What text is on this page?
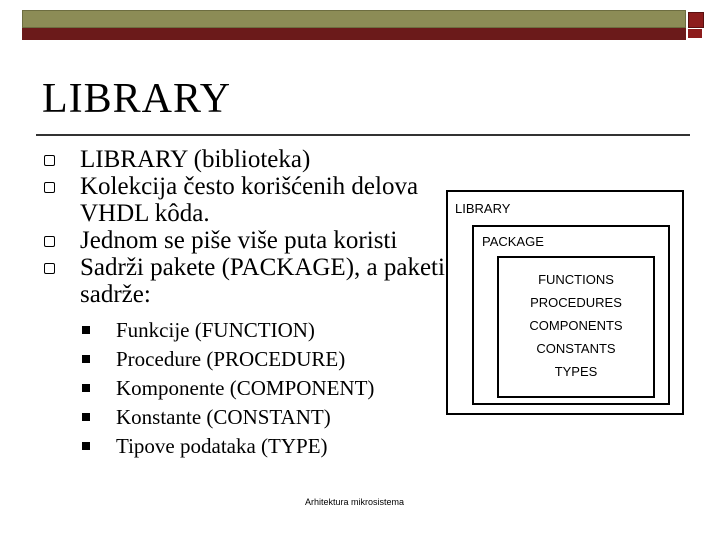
LIBRARY
LIBRARY (biblioteka)
Kolekcija često korišćenih delova VHDL kôda.
Jednom se piše više puta koristi
Sadrži pakete (PACKAGE), a paketi sadrže:
Funkcije (FUNCTION)
Procedure (PROCEDURE)
Komponente (COMPONENT)
Konstante (CONSTANT)
Tipove podataka (TYPE)
LIBRARY
PACKAGE
FUNCTIONS
PROCEDURES
COMPONENTS
CONSTANTS
TYPES
Arhitektura mikrosistema
